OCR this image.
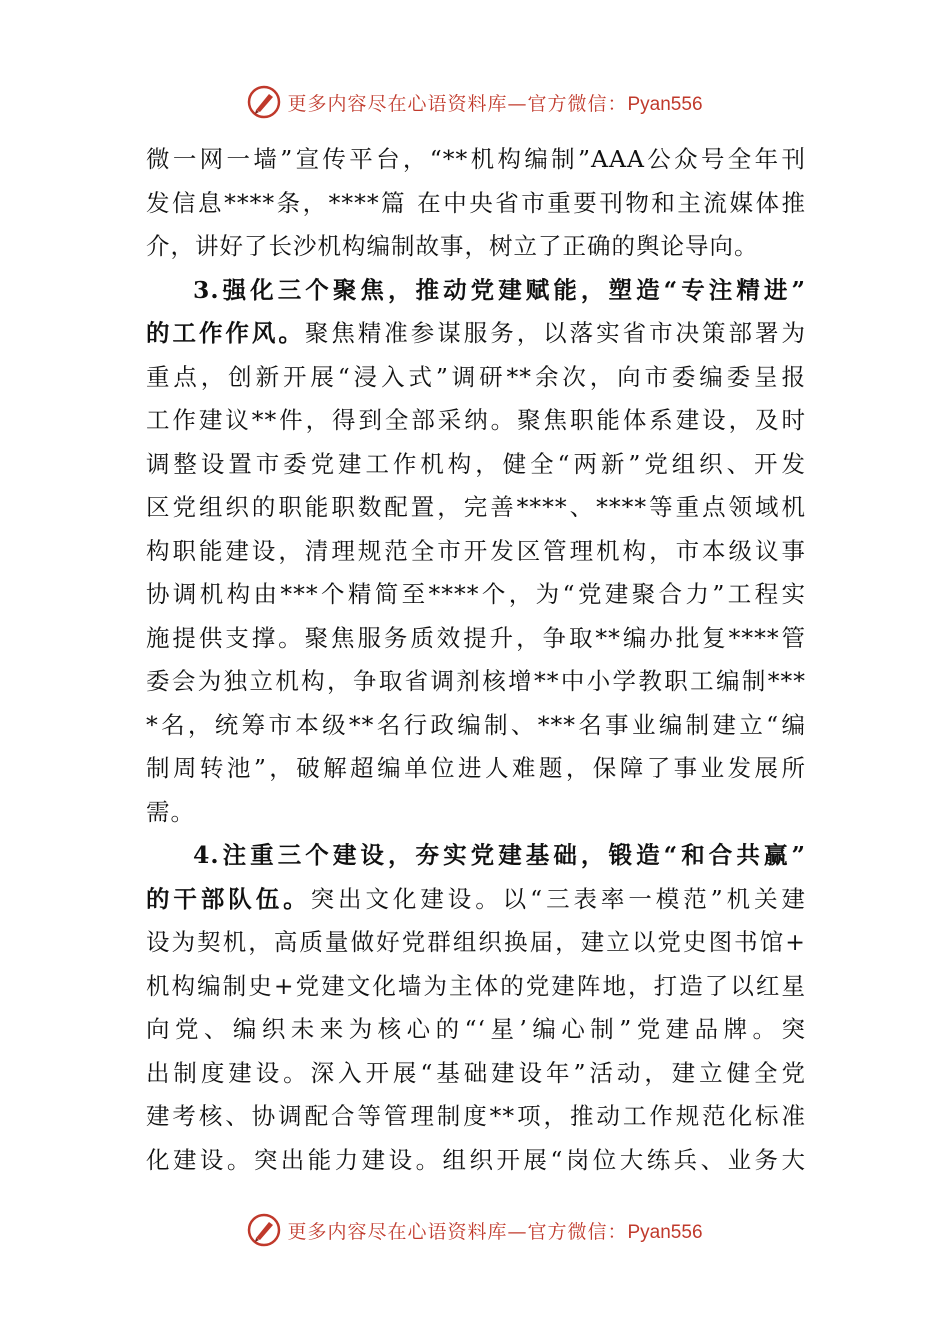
更多内容尽在心语资料库—官方微信：Pyan556
微一网一墙”宣传平台，“**机构编制”AAA公众号全年刊
发信息****条，****篇 在中央省市重要刊物和主流媒体推
介，讲好了长沙机构编制故事，树立了正确的舆论导向。
3.强化三个聚焦，推动党建赋能，塑造“专注精进”
的工作作风。聚焦精准参谋服务，以落实省市决策部署为
重点，创新开展“浸入式”调研**余次，向市委编委呈报
工作建议**件，得到全部采纳。聚焦职能体系建设，及时
调整设置市委党建工作机构，健全“两新”党组织、开发
区党组织的职能职数配置，完善****、****等重点领域机
构职能建设，清理规范全市开发区管理机构，市本级议事
协调机构由***个精简至****个，为“党建聚合力”工程实
施提供支撑。聚焦服务质效提升，争取**编办批复****管
委会为独立机构，争取省调剂核增**中小学教职工编制***
*名，统筹市本级**名行政编制、***名事业编制建立“编
制周转池”，破解超编单位进人难题，保障了事业发展所
需。
4.注重三个建设，夯实党建基础，锻造“和合共赢”
的干部队伍。突出文化建设。以“三表率一模范”机关建
设为契机，高质量做好党群组织换届，建立以党史图书馆+
机构编制史+党建文化墙为主体的党建阵地，打造了以红星
向党、编织未来为核心的“‘星’编心制”党建品牌。突
出制度建设。深入开展“基础建设年”活动，建立健全党
建考核、协调配合等管理制度**项，推动工作规范化标准
化建设。突出能力建设。组织开展“岗位大练兵、业务大
更多内容尽在心语资料库—官方微信：Pyan556
